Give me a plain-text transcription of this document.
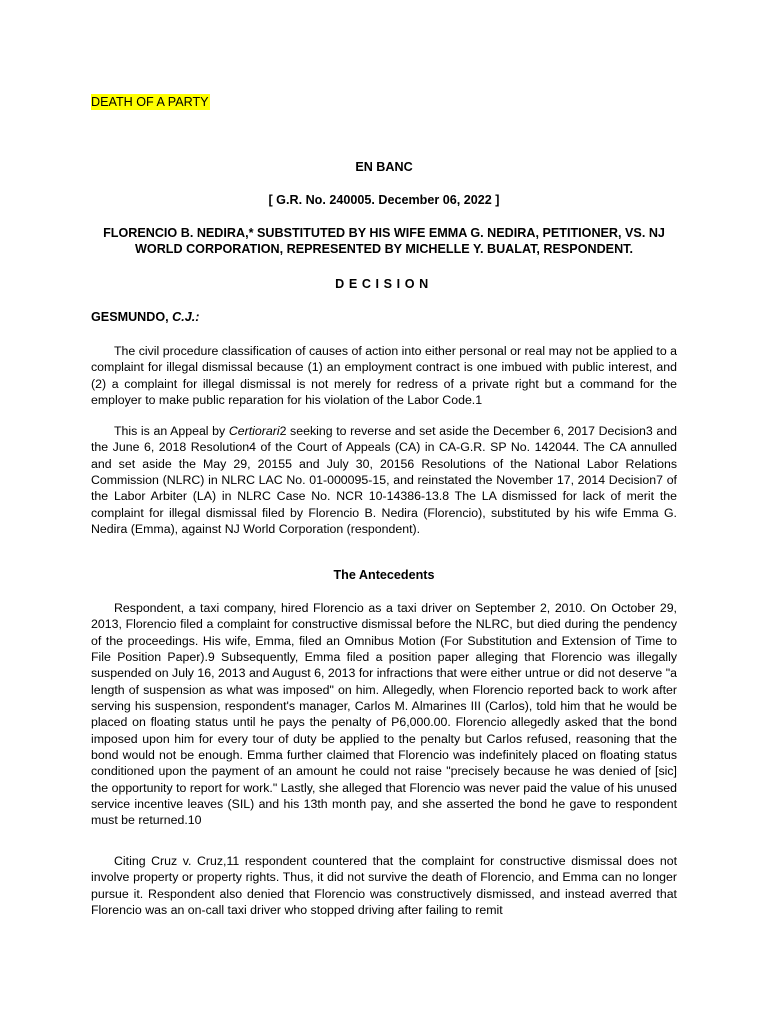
DEATH OF A PARTY
EN BANC
[ G.R. No. 240005. December 06, 2022 ]
FLORENCIO B. NEDIRA,* SUBSTITUTED BY HIS WIFE EMMA G. NEDIRA, PETITIONER, VS. NJ WORLD CORPORATION, REPRESENTED BY MICHELLE Y. BUALAT, RESPONDENT.
DECISION
GESMUNDO, C.J.:

The civil procedure classification of causes of action into either personal or real may not be applied to a complaint for illegal dismissal because (1) an employment contract is one imbued with public interest, and (2) a complaint for illegal dismissal is not merely for redress of a private right but a command for the employer to make public reparation for his violation of the Labor Code.1

This is an Appeal by Certiorari2 seeking to reverse and set aside the December 6, 2017 Decision3 and the June 6, 2018 Resolution4 of the Court of Appeals (CA) in CA-G.R. SP No. 142044. The CA annulled and set aside the May 29, 20155 and July 30, 20156 Resolutions of the National Labor Relations Commission (NLRC) in NLRC LAC No. 01-000095-15, and reinstated the November 17, 2014 Decision7 of the Labor Arbiter (LA) in NLRC Case No. NCR 10-14386-13.8 The LA dismissed for lack of merit the complaint for illegal dismissal filed by Florencio B. Nedira (Florencio), substituted by his wife Emma G. Nedira (Emma), against NJ World Corporation (respondent).

The Antecedents

Respondent, a taxi company, hired Florencio as a taxi driver on September 2, 2010. On October 29, 2013, Florencio filed a complaint for constructive dismissal before the NLRC, but died during the pendency of the proceedings. His wife, Emma, filed an Omnibus Motion (For Substitution and Extension of Time to File Position Paper).9 Subsequently, Emma filed a position paper alleging that Florencio was illegally suspended on July 16, 2013 and August 6, 2013 for infractions that were either untrue or did not deserve "a length of suspension as what was imposed" on him. Allegedly, when Florencio reported back to work after serving his suspension, respondent's manager, Carlos M. Almarines III (Carlos), told him that he would be placed on floating status until he pays the penalty of P6,000.00. Florencio allegedly asked that the bond imposed upon him for every tour of duty be applied to the penalty but Carlos refused, reasoning that the bond would not be enough. Emma further claimed that Florencio was indefinitely placed on floating status conditioned upon the payment of an amount he could not raise "precisely because he was denied of [sic] the opportunity to report for work." Lastly, she alleged that Florencio was never paid the value of his unused service incentive leaves (SIL) and his 13th month pay, and she asserted the bond he gave to respondent must be returned.10

Citing Cruz v. Cruz,11 respondent countered that the complaint for constructive dismissal does not involve property or property rights. Thus, it did not survive the death of Florencio, and Emma can no longer pursue it. Respondent also denied that Florencio was constructively dismissed, and instead averred that Florencio was an on-call taxi driver who stopped driving after failing to remit
